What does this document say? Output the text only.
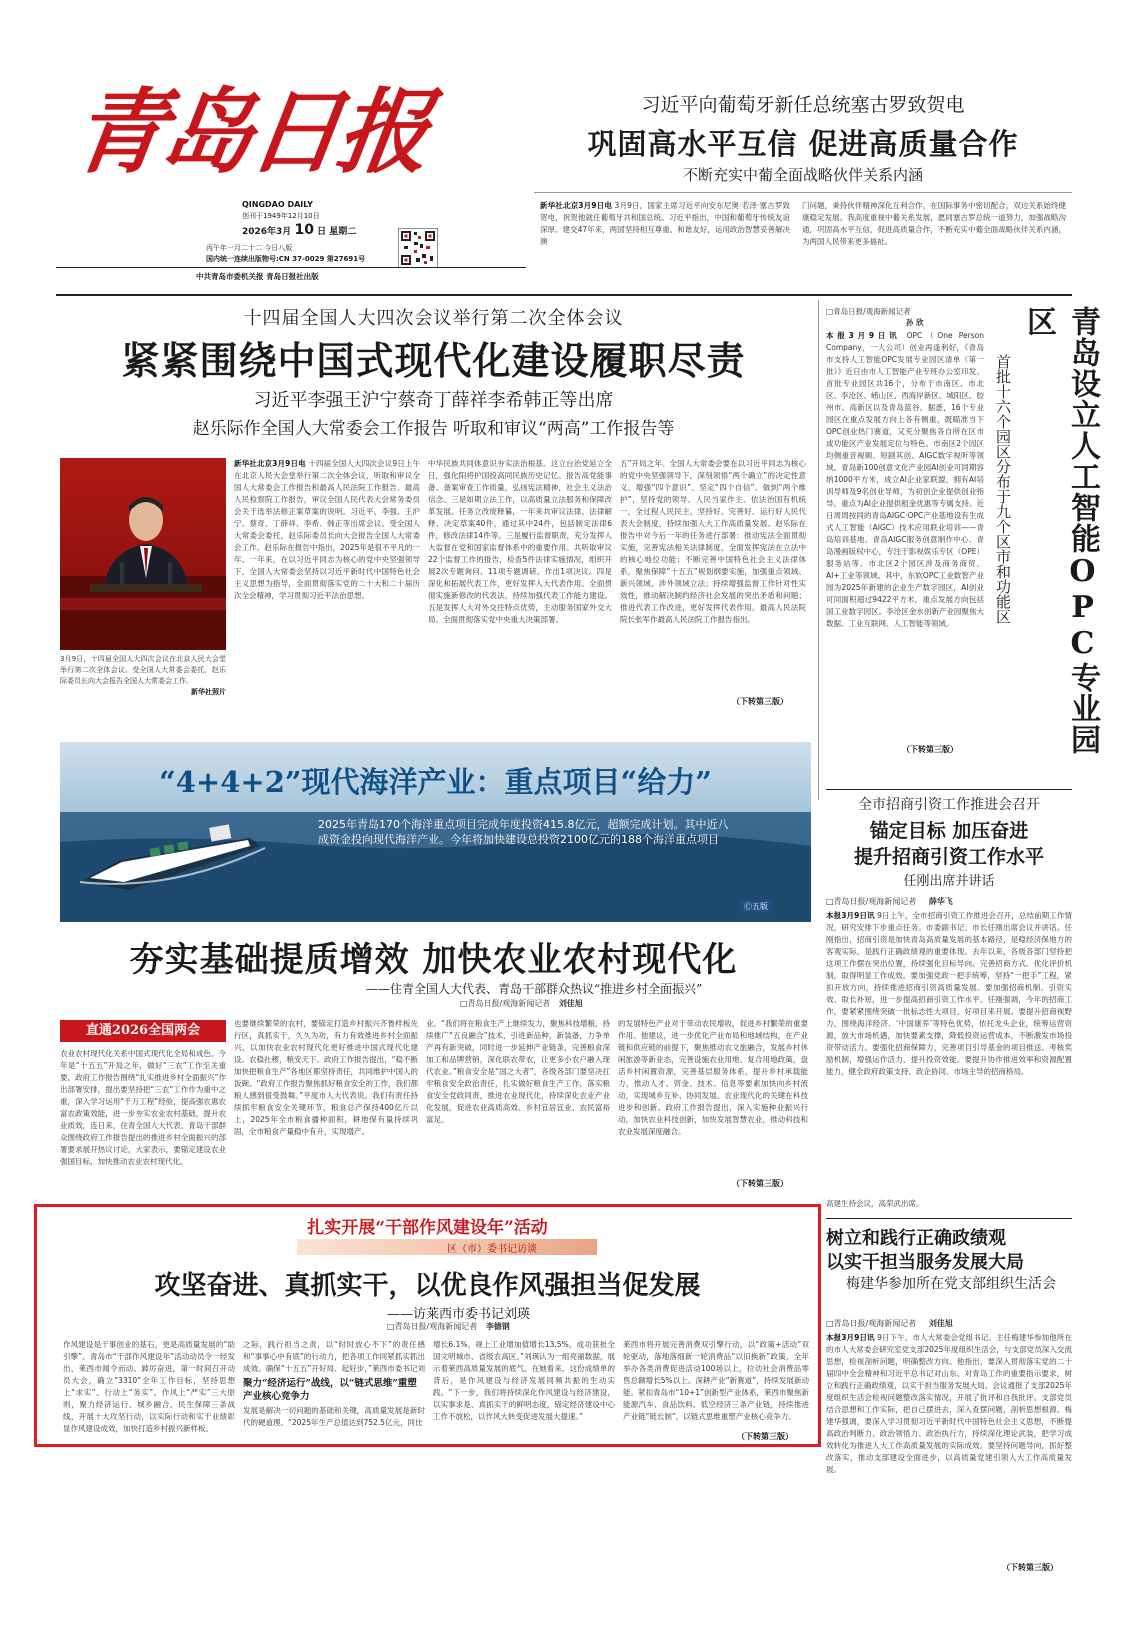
青岛日报
QINGDAO DAILY
创刊于1949年12月10日
2026年3月 10 日 星期二
丙午年一月二十二 今日八版
国内统一连续出版物号:CN 37-0029 第27691号
中共青岛市委机关报 青岛日报社出版
习近平向葡萄牙新任总统塞古罗致贺电
巩固高水平互信 促进高质量合作
不断充实中葡全面战略伙伴关系内涵
新华社北京3月9日电 3月9日，国家主席习近平向安东尼奥·若泽·塞古罗致贺电，祝贺他就任葡萄牙共和国总统。习近平指出，中国和葡萄牙传统友谊深厚。建交47年来，两国坚持相互尊重、和谐友好，运用政治智慧妥善解决澳
门问题，秉持伙伴精神深化互利合作，在国际事务中密切配合，双边关系始终健康稳定发展。我高度重视中葡关系发展，愿同塞古罗总统一道努力，加强战略沟通，巩固高水平互信，促进高质量合作，不断充实中葡全面战略伙伴关系内涵，为两国人民带来更多福祉。
十四届全国人大四次会议举行第二次全体会议
紧紧围绕中国式现代化建设履职尽责
习近平李强王沪宁蔡奇丁薛祥李希韩正等出席
赵乐际作全国人大常委会工作报告 听取和审议“两高”工作报告等
3月9日，十四届全国人大四次会议在北京人民大会堂举行第二次全体会议。受全国人大常委会委托，赵乐际委员长向大会报告全国人大常委会工作。
新华社照片
新华社北京3月9日电 十四届全国人大四次会议9日上午在北京人民大会堂举行第二次全体会议，听取和审议全国人大常委会工作报告和最高人民法院工作报告、最高人民检察院工作报告，审议全国人民代表大会常务委员会关于选举法修正案草案的说明。习近平、李强、王沪宁、蔡奇、丁薛祥、李希、韩正等出席会议。受全国人大常委会委托，赵乐际委员长向大会报告全国人大常委会工作。赵乐际在报告中指出，2025年是很不平凡的一年。一年来，在以习近平同志为核心的党中央坚强领导下，全国人大常委会坚持以习近平新时代中国特色社会主义思想为指导，全面贯彻落实党的二十大和二十届历次全会精神，学习贯彻习近平法治思想。
中华民族共同体意识夯实法治根基。这立台治党延立全日，强化阳将护国投高同民族历史记忆。报告高党能事备、备案审查工作质量，弘扬宪法精神，社会主义法治信念。三是如期立法工作，以高质量立法服务和保障改革发展。任务立改废释纂，一年来共审议法律、法律解释、决定草案40件，通过其中24件，包括制定法律6件，修改法律14件等。三是履行监督职责，充分发挥人大监督在党和国家监督体系中的重要作用。共听取审议22个监督工作的报告，检查5件法律实施情况，组织开展2次专题询问、11项专题调研。作出1项决议。四是深化和拓展代表工作，更好发挥人大代表作用。全面贯彻实施新修改的代表法，持续加强代表工作能力建设。五是发挥人大对外交往特点优势，主动服务国家外交大局。全面贯彻落实党中央重大决策部署。
五”开局之年。全国人大常委会要在以习近平同志为核心的党中央坚强领导下，深刻领悟“两个确立”的决定性意义，增强“四个意识”、坚定“四个自信”、做到“两个维护”，坚持党的领导、人民当家作主、依法治国有机统一，全过程人民民主，坚持好、完善好、运行好人民代表大会制度，持续加强人大工作高质量发展。赵乐际在报告中对今后一年的任务进行部署：推动宪法全面贯彻实施，完善宪法相关法律制度，全面发挥宪法在立法中的核心地位功能；不断完善中国特色社会主义法律体系，聚焦保障“十五五”规划纲要实施，加强重点领域、新兴领域、涉外领域立法；持续增强监督工作针对性实效性，推动解决制约经济社会发展的突出矛盾和问题；推进代表工作改进，更好发挥代表作用。最高人民法院院长张军作最高人民法院工作报告指出。
（下转第三版）
□青岛日报/观海新闻记者
孙 欣
本报3月9日讯 OPC（One Person Company，一人公司）创业再逢利好，《青岛市支持人工智能OPC发展专业园区清单（第一批）》近日由市人工智能产业专班办公室印发。首批专业园区共16个，分布于市南区、市北区、李沧区、崂山区、西海岸新区、城阳区、胶州市、高新区以及青岛蓝谷。据悉，16个专业园区在重点发展方向上各有侧重，既瞄准当下OPC创业热门赛道，又充分聚焦各自所在区市或功能区产业发展定位与特色。市南区2个园区均侧重音视频、短剧其创、AIGC数字视听等领域。青岛新100创意文化产业园AI创业可同期容纳1000平方米，成立AI企业家联盟，拥有AI培训导师及9名创业导师，为初创企业提供创业指导。重点为AI企业提供租金优惠等专属支持。近日周周按同的青岛AIGC·OPC产业基地设有生成式人工智能（AIGC）技术应用联业培训——青岛培训基地、青岛AIGC服务创意制作中心、青岛漫画版权中心，专注于影视娱乐专区（OPE）服务站等。市北区2个园区涉及商务商贸、AI+工业等领域。其中，东软OPC工业数智产业园为2025年新建的企业生产数字园区，AI创业可同面积超过9422平方米，重点发展方向包括国工业数字园区。李沧区金水创新产业园聚焦大数据、工业互联网、人工智能等领域。
（下转第三版）	青岛设立人工智能OPC专业园区
首批十六个园区分布于九个区市和功能区
全市招商引资工作推进会召开
锚定目标 加压奋进
提升招商引资工作水平
任刚出席并讲话
□青岛日报/观海新闻记者 薛华飞
本报3月9日讯 9日上午，全市招商引资工作推进会召开，总结前期工作情况，研究安排下步重点任务。市委副书记、市长任刚出席会议并讲话。任刚指出，招商引资是加快青岛高质量发展的基本路径，是稳经济保地方的客观实际，是践行正确政绩观的重要体现。去年以来，各级各部门坚持把这项工作摆在突出位置，持续强化目标导向、完善招商方式、优化评价机制，取得明显工作成效。要加强党政一把手统筹，坚持“一把手”工程，紧扣开放方向，持续推进招商引资高质量发展。要加强招商机制、引资实效、取长补短，进一步提高招商引资工作水平。任刚强调，今年的招商工作，要紧紧围绕突破一批标志性大项目、好项目来开展。要提升招商视野力，围绕海洋经济、‘中国康养’等特色优势，依托龙头企业，统筹运营资源，放大市场机遇，加快要素支撑，降低投资运营成本，不断激发市场投资带动活力。要强化招商保障力，完善项目引导基金的项目推送、考核奖励机制，增强运作活力、提升投资效能。要提升协作推进效率和资源配置能力，健全政府政策支持、政企协同、市场主导的招商格局。
高建生持会议，高荣武出席。
“4+4+2”现代海洋产业：重点项目“给力”
2025年青岛170个海洋重点项目完成年度投资415.8亿元，超额完成计划。其中近八成资金投向现代海洋产业。今年将加快建设总投资2100亿元的188个海洋重点项目
Ⓒ五版
夯实基础提质增效 加快农业农村现代化
——住青全国人大代表、青岛干部群众热议“推进乡村全面振兴”
□青岛日报/观海新闻记者 刘佳旭
直通2026全国两会
农业农村现代化关系中国式现代化全局和成色。今年是“十五五”开局之年，做好“三农”工作至关重要。政府工作报告围绕“扎实推进乡村全面振兴”作出部署安排，提出要坚持把“三农”工作作为重中之重，深入学习运用“千万工程”经验，提高强农惠农富农政策效能，进一步夯实农业农村基础，提升农业质效，连日来，住青全国人大代表、青岛干部群众围绕政府工作报告提出的推进乡村全面振兴的部署要求展开热议讨论，大家表示，要锚定建设农业强国目标，加快推动农业农村现代化。
也要继续繁荣的农村，要锚定打造乡村振兴齐鲁样板先行区，真抓实干，久久为功，有力有效推进乡村全面振兴，以加快农业农村现代化更好推进中国式现代化建设。农稳社稷，粮安天下。政府工作报告提出，“稳不断加快把粮食生产”各地区都坚持责任，共同维护中国人的饭碗。“政府工作报告聚焦抓好粮食安全的工作，我们都粮人感到很受鼓舞。”平度市人大代表说。我们有责任持续抓牢粮食安全关键环节，粮食总产保持400亿斤以上，2025年全市粮食播种面积，耕地保有量持续巩固，全市粮食产量稳中有升，实现增产。
业。“我们将在粮食生产上继续发力，聚焦科技增粮，持续推广“五良融合”技术，引进新品种，新装备，力争单产再有新突破，同时进一步延伸产业链条，完善粮食深加工和品牌营销，深化联农带农，让更多小农户融入现代农业。”粮食安全是“国之大者”，各级各部门要坚决扛牢粮食安全政治责任，扎实做好粮食生产工作，落实粮食安全党政同责，推进农业现代化，持续深化农业产业化发展，促进农业高质高效、乡村宜居宜业、农民富裕富足。
的发展特色产业对于带动农民增收，促进乡村繁荣的重要作用。他建议，进一步优化产业布局和地域结构，在产业链和供应链的前提下，聚焦推动农文旅融合，发展乡村休闲旅游等新业态，完善设施农业用地、复合用地政策，盘活乡村闲置资源，完善基层服务体系，提升乡村承载能力，推动人才、资金、技术、信息等要素加快向乡村流动，实现城乡互补、协同发展。农业现代化的关键在科技进步和创新。政府工作报告提出，深入实施种业振兴行动，加快农业科技创新，加快发展智慧农业，推动科技和农业发展深度融合。
（下转第三版）
扎实开展“干部作风建设年”活动
区（市）委书记访谈
攻坚奋进、真抓实干，以优良作风强担当促发展
——访莱西市委书记刘瑛
□青岛日报/观海新闻记者 李德钢
作风建设是干事创业的基石，更是高质量发展的“助引擎”。青岛市“干部作风建设年”活动动员令一经发出，莱西市闻令而动、踔厉奋进，第一时间召开动员大会，确立“3310”全年工作目标，坚持思想上“求实”、行动上“务实”、作风上“严实”三大原则，聚力经济运行、城乡融合、民生保障三条战线，开展十大攻坚行动，以实际行动和实干业绩彰显作风建设成效，加快打造乡村振兴新样板。
之际，践行担当之责，以“时时放心不下”的责任感和“事事心中有底”的行动力，把各项工作同紧抓实抓出成效。确保“十五五”开好局、起好步，”莱西市委书记刘
聚力“经济运行”战线，以“链式思维”重塑产业核心竞争力
发展是解决一切问题的基础和关键，高质量发展是新时代的硬道理。“2025年生产总值达到752.5亿元，同比
增长6.1%，规上工业增加值增长13.5%，成功获批全国文明城市、省级农高区。”刘瑛认为一组亮丽数据，展示着莱西高质量发展的底气。在她看来，这份成绩单的背后，是作风建设与经济发展同频共振的生动实践。“下一步，我们将持续深化作风建设与经济建设，以实事求是、真抓实干的鲜明态度，锚定经济建设中心工作不放松，以作风大转变促进发展大提速。”
莱西市将开展完善消费双引擎行动，以“政策+活动”双轮驱动，落地落细新一轮消费品“以旧换新”政策，全年举办各类消费促进活动100场以上，拉动社会消费品零售总额增长5%以上。深耕产业“新赛道”，持续发展新动能。紧扣青岛市“10+1”创新型产业体系，莱西市聚焦新能源汽车、食品饮料、低空经济三条产业链，持续推进产业链“链长制”，以链式思维重塑产业核心竞争力。
（下转第三版）
树立和践行正确政绩观
以实干担当服务发展大局
梅建华参加所在党支部组织生活会
□青岛日报/观海新闻记者 刘佳旭
本报3月9日讯 9日下午，市人大常委会党组书记、主任梅建华参加他所在的市人大常委会研究室党支部2025年度组织生活会，与支部党员深入交流思想，检视剖析问题，明确整改方向。他指出，要深入贯彻落实党的二十届四中全会精神和习近平总书记对山东、对青岛工作的重要指示要求，树立和践行正确政绩观，以实干担当服务发展大局。会议通报了支部2025年度组织生活会检视问题整改落实情况，开展了批评和自我批评。支部党员结合思想和工作实际，把自己摆进去，深入查摆问题，剖析思想根源。梅建华强调，要深入学习贯彻习近平新时代中国特色社会主义思想，不断提高政治判断力、政治领悟力、政治执行力，持续深化理论武装，把学习成效转化为推进人大工作高质量发展的实际成效。要坚持问题导向，抓好整改落实，推动支部建设全面进步，以高质量党建引领人大工作高质量发展。
（下转第三版）
